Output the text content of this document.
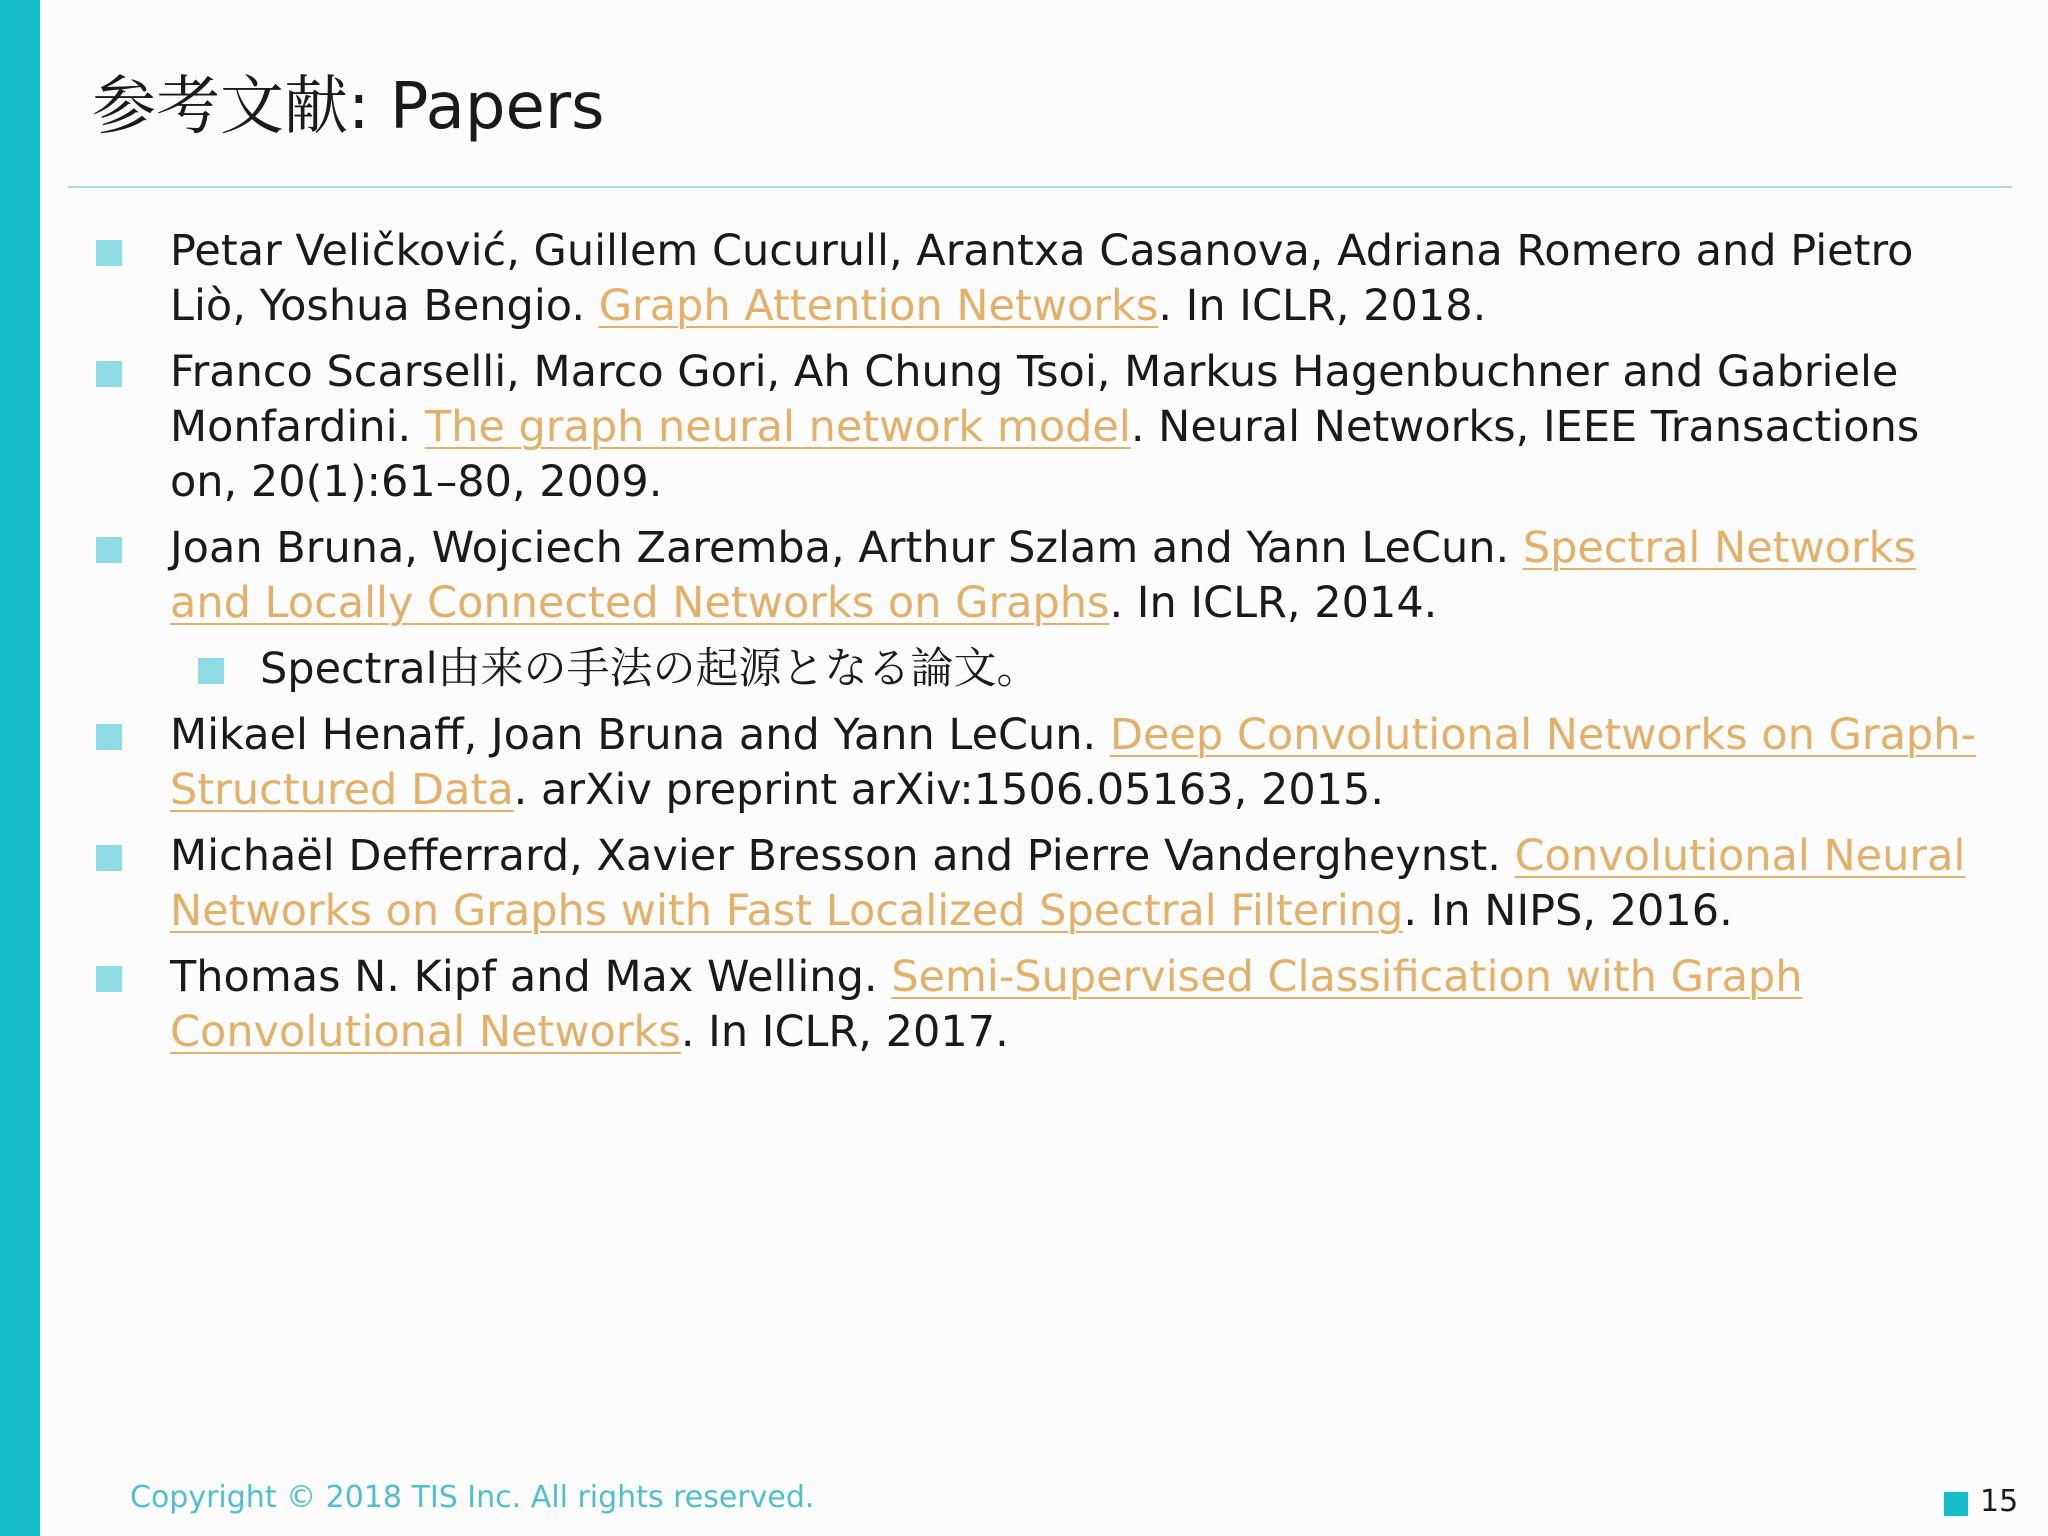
参考文献: Papers
Petar Veličković, Guillem Cucurull, Arantxa Casanova, Adriana Romero and Pietro Liò, Yoshua Bengio. Graph Attention Networks. In ICLR, 2018.
Franco Scarselli, Marco Gori, Ah Chung Tsoi, Markus Hagenbuchner and Gabriele Monfardini. The graph neural network model. Neural Networks, IEEE Transactions on, 20(1):61–80, 2009.
Joan Bruna, Wojciech Zaremba, Arthur Szlam and Yann LeCun. Spectral Networks and Locally Connected Networks on Graphs. In ICLR, 2014.
Spectral由来の手法の起源となる論文。
Mikael Henaff, Joan Bruna and Yann LeCun. Deep Convolutional Networks on Graph-Structured Data. arXiv preprint arXiv:1506.05163, 2015.
Michaël Defferrard, Xavier Bresson and Pierre Vandergheynst. Convolutional Neural Networks on Graphs with Fast Localized Spectral Filtering. In NIPS, 2016.
Thomas N. Kipf and Max Welling. Semi-Supervised Classification with Graph Convolutional Networks. In ICLR, 2017.
Copyright © 2018 TIS Inc. All rights reserved.	15
